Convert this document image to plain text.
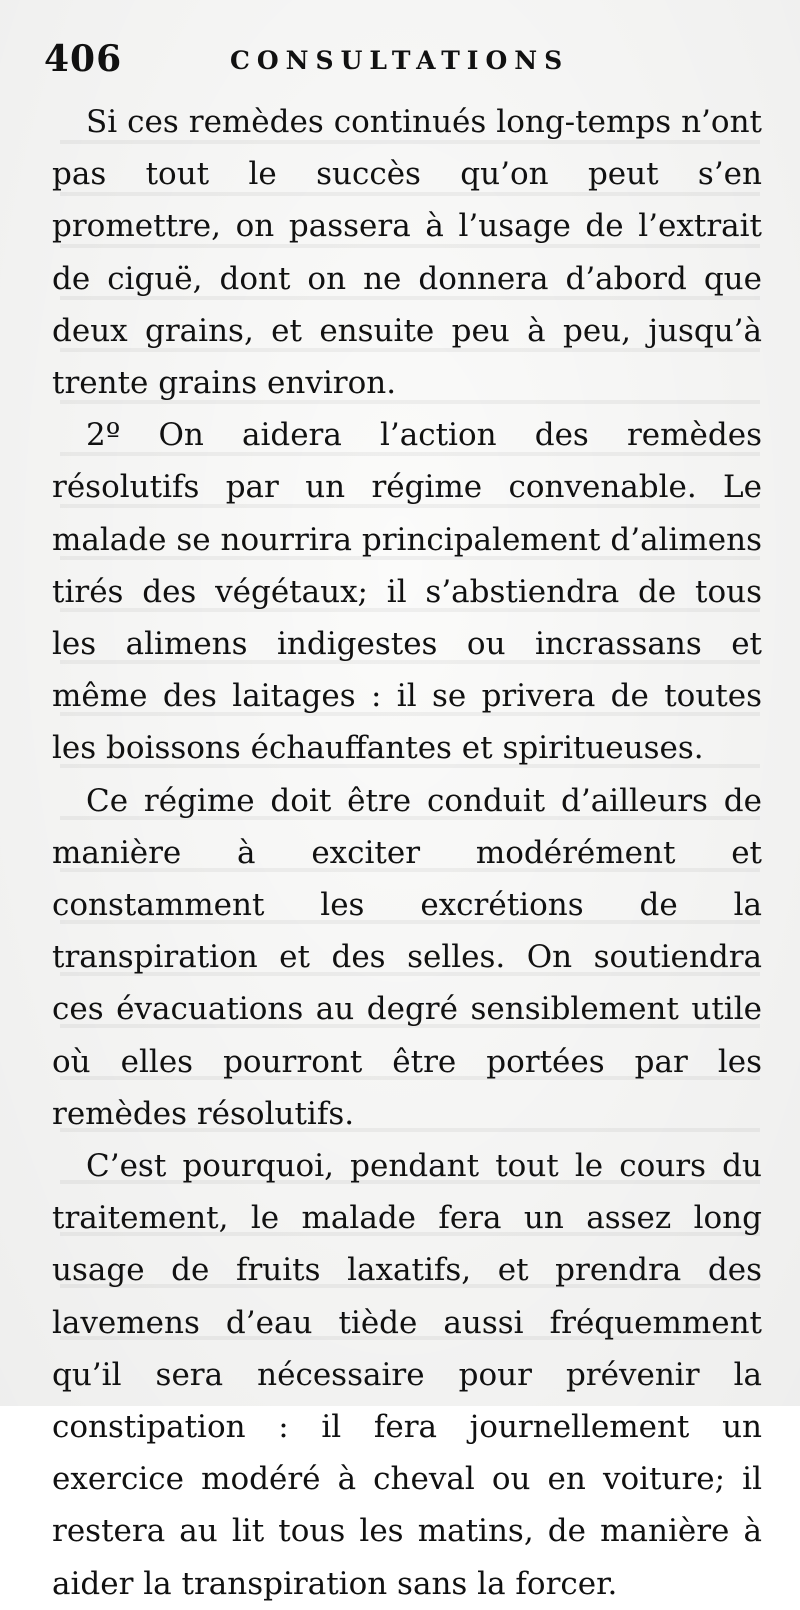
406	CONSULTATIONS

Si ces remèdes continués long-temps n’ont pas tout le succès qu’on peut s’en promettre, on passera à l’usage de l’extrait de ciguë, dont on ne donnera d’abord que deux grains, et ensuite peu à peu, jusqu’à trente grains environ.

2º On aidera l’action des remèdes résolutifs par un régime convenable. Le malade se nourrira principalement d’alimens tirés des végétaux; il s’abstiendra de tous les alimens indigestes ou incrassans et même des laitages : il se privera de toutes les boissons échauffantes et spiritueuses.

Ce régime doit être conduit d’ailleurs de manière à exciter modérément et constamment les excrétions de la transpiration et des selles. On soutiendra ces évacuations au degré sensiblement utile où elles pourront être portées par les remèdes résolutifs.

C’est pourquoi, pendant tout le cours du traitement, le malade fera un assez long usage de fruits laxatifs, et prendra des lavemens d’eau tiède aussi fréquemment qu’il sera nécessaire pour prévenir la constipation : il fera journellement un exercice modéré à cheval ou en voiture; il restera au lit tous les matins, de manière à aider la transpiration sans la forcer.
